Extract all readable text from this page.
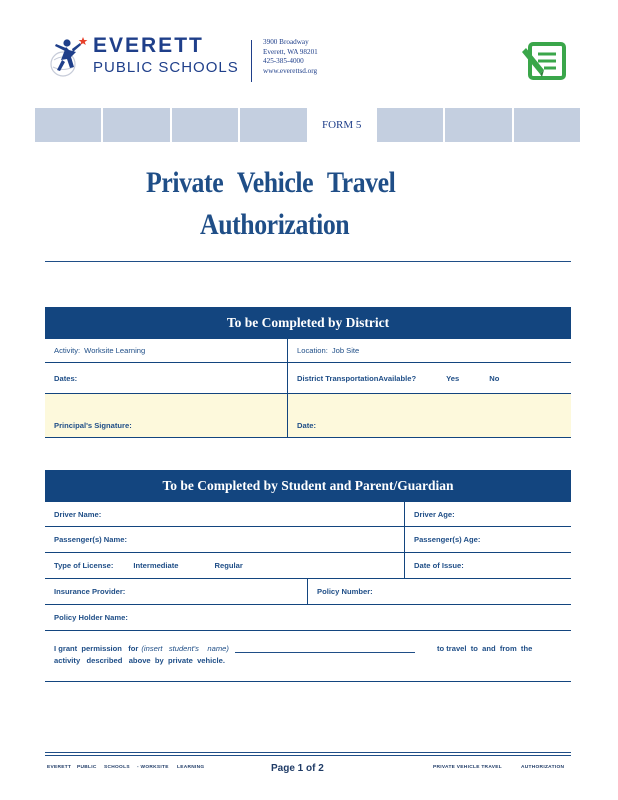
EVERETT
PUBLIC SCHOOLS
3900 Broadway
Everett, WA 98201
425-385-4000
www.everettsd.org
FORM 5
Private Vehicle Travel
Authorization
To be Completed by District
Activity: Worksite Learning	Location: Job Site
Dates:	District TransportationAvailable?	Yes	No
Principal's Signature:	Date:
To be Completed by Student and Parent/Guardian
Driver Name:	Driver Age:
Passenger(s) Name:	Passenger(s) Age:
Type of License:	Intermediate	Regular	Date of Issue:
Insurance Provider:	Policy Number:
Policy Holder Name:
I grant  permission   for (insert   student's    name)	to travel  to  and  from  the
activity   described   above  by  private  vehicle.
EVERETT PUBLIC SCHOOLS - WORKSITE LEARNING	Page 1 of 2	PRIVATE VEHICLE TRAVEL	AUTHORIZATION
